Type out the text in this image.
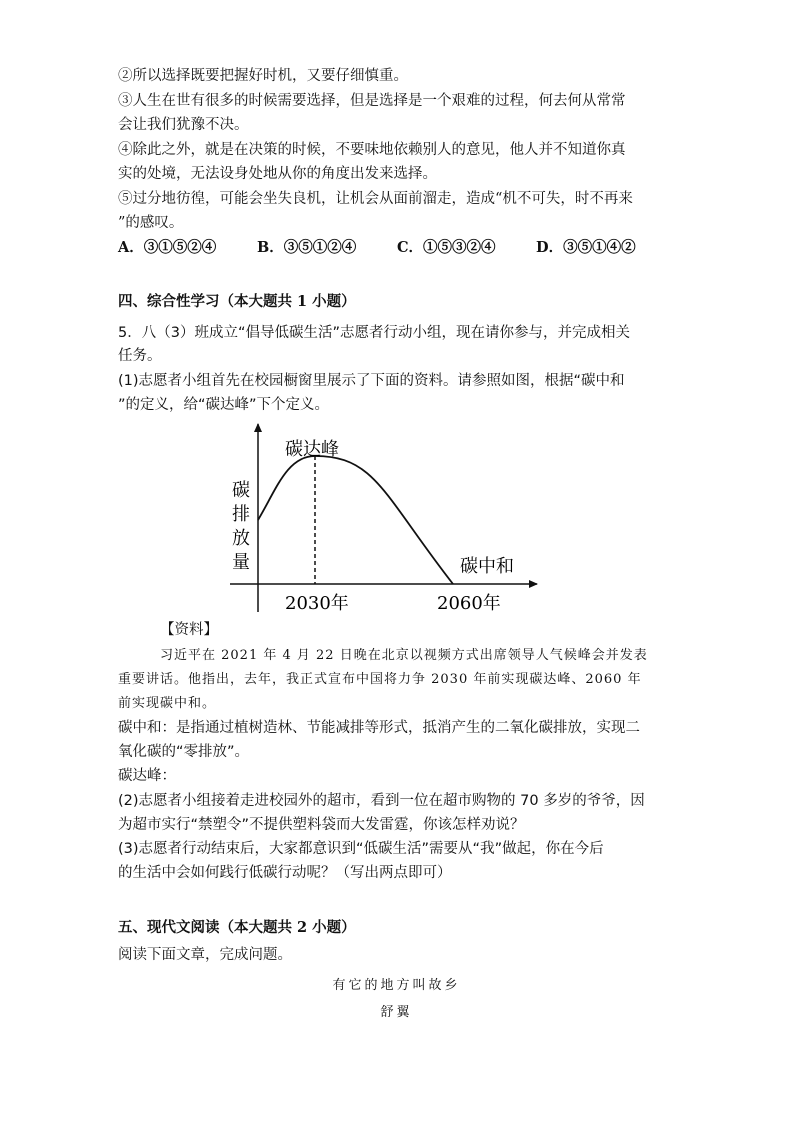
②所以选择既要把握好时机，又要仔细慎重。
③人生在世有很多的时候需要选择，但是选择是一个艰难的过程，何去何从常常
会让我们犹豫不决。
④除此之外，就是在决策的时候，不要味地依赖别人的意见，他人并不知道你真
实的处境，无法设身处地从你的角度出发来选择。
⑤过分地彷徨，可能会坐失良机，让机会从面前溜走，造成“机不可失，时不再来
”的感叹。
A．③①⑤②④	B．③⑤①②④	C．①⑤③②④	D．③⑤①④②
四、综合性学习（本大题共 1 小题）
5．八（3）班成立“倡导低碳生活”志愿者行动小组，现在请你参与，并完成相关
任务。
(1)志愿者小组首先在校园橱窗里展示了下面的资料。请参照如图，根据“碳中和
”的定义，给“碳达峰”下个定义。
碳达峰
碳中和
碳
排
放
量
2030年	2060年
【资料】
习近平在 2021 年 4 月 22 日晚在北京以视频方式出席领导人气候峰会并发表
重要讲话。他指出，去年，我正式宣布中国将力争 2030 年前实现碳达峰、2060 年
前实现碳中和。
碳中和：是指通过植树造林、节能减排等形式，抵消产生的二氧化碳排放，实现二
氧化碳的“零排放”。
碳达峰：
(2)志愿者小组接着走进校园外的超市，看到一位在超市购物的 70 多岁的爷爷，因
为超市实行“禁塑令”不提供塑料袋而大发雷霆，你该怎样劝说？
(3)志愿者行动结束后，大家都意识到“低碳生活”需要从“我”做起，你在今后
的生活中会如何践行低碳行动呢？（写出两点即可）
五、现代文阅读（本大题共 2 小题）
阅读下面文章，完成问题。
有它的地方叫故乡
舒翼
